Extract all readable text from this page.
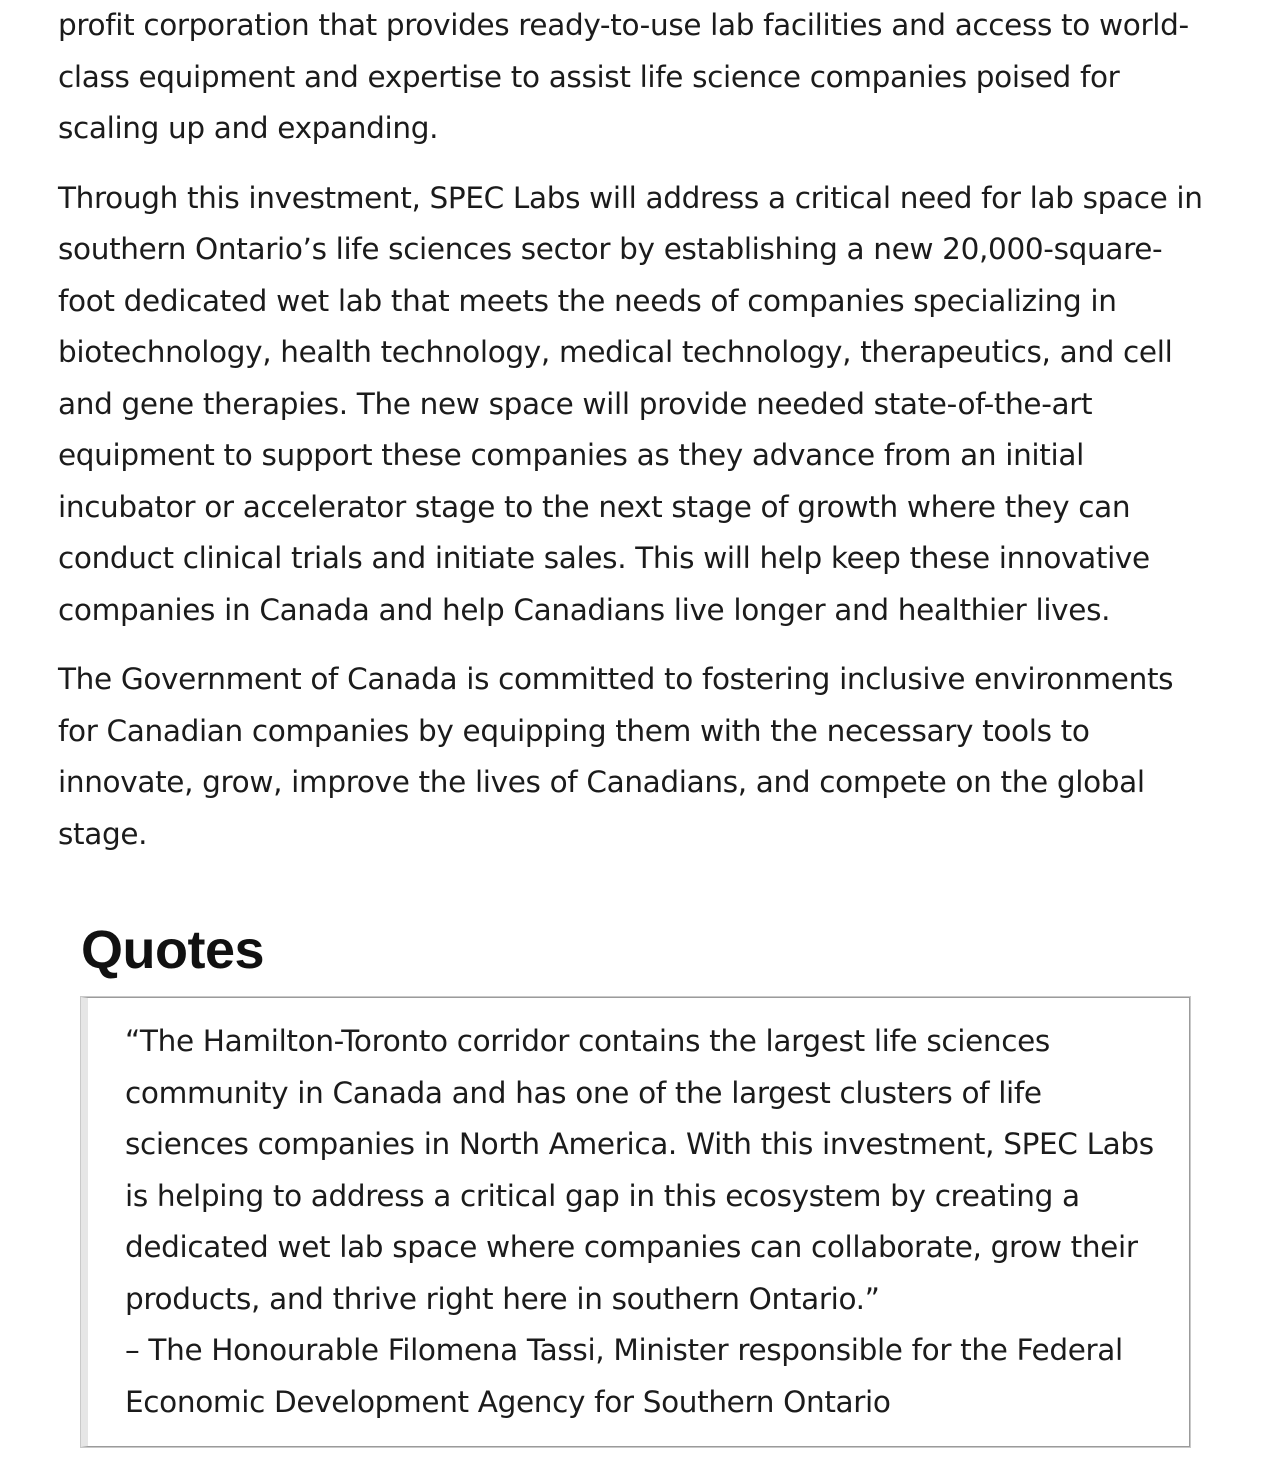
profit corporation that provides ready-to-use lab facilities and access to world-class equipment and expertise to assist life science companies poised for scaling up and expanding.

Through this investment, SPEC Labs will address a critical need for lab space in southern Ontario’s life sciences sector by establishing a new 20,000-square-foot dedicated wet lab that meets the needs of companies specializing in biotechnology, health technology, medical technology, therapeutics, and cell and gene therapies. The new space will provide needed state-of-the-art equipment to support these companies as they advance from an initial incubator or accelerator stage to the next stage of growth where they can conduct clinical trials and initiate sales. This will help keep these innovative companies in Canada and help Canadians live longer and healthier lives.

The Government of Canada is committed to fostering inclusive environments for Canadian companies by equipping them with the necessary tools to innovate, grow, improve the lives of Canadians, and compete on the global stage.

Quotes

“The Hamilton-Toronto corridor contains the largest life sciences community in Canada and has one of the largest clusters of life sciences companies in North America. With this investment, SPEC Labs is helping to address a critical gap in this ecosystem by creating a dedicated wet lab space where companies can collaborate, grow their products, and thrive right here in southern Ontario.”

– The Honourable Filomena Tassi, Minister responsible for the Federal Economic Development Agency for Southern Ontario
